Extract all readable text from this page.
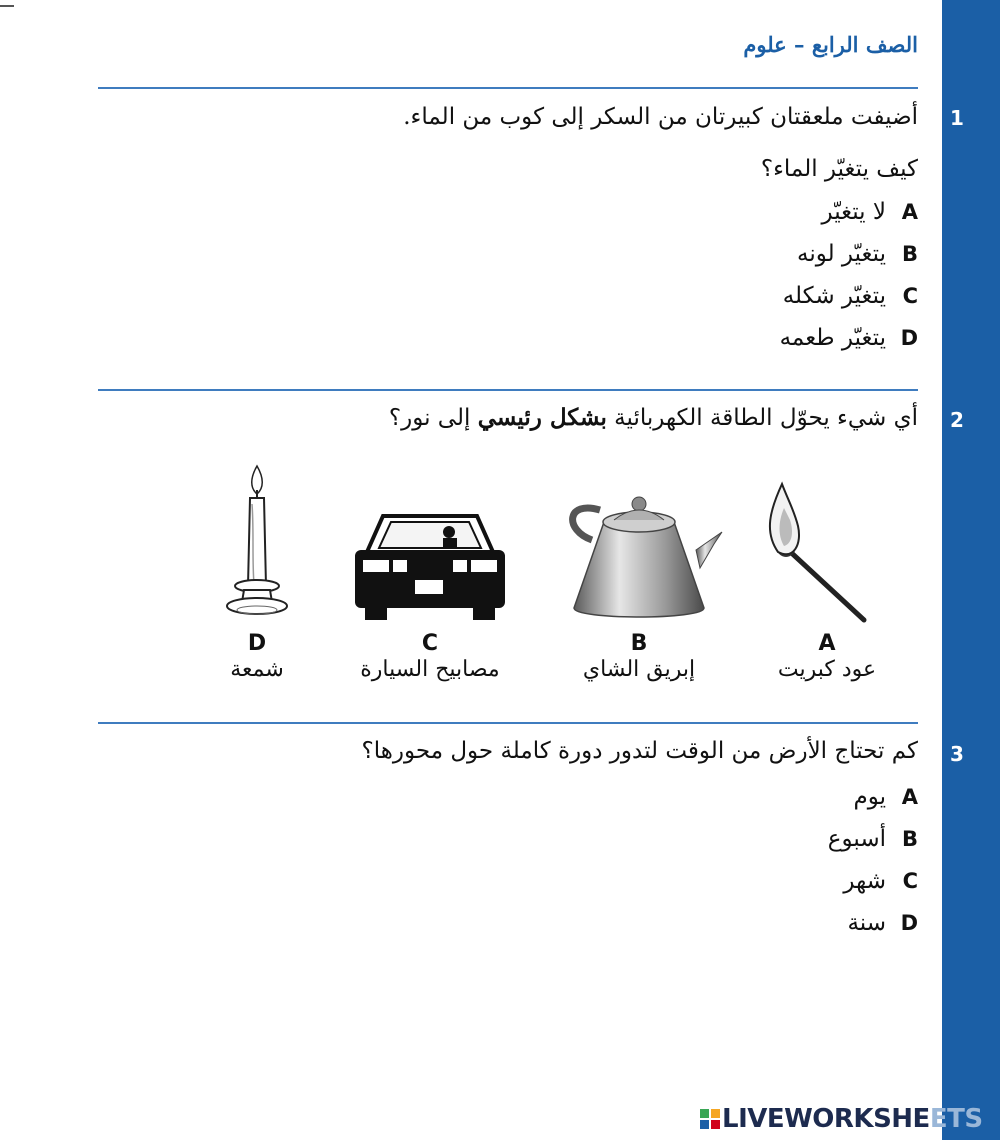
الصف الرابع – علوم
1
أضيفت ملعقتان كبيرتان من السكر إلى كوب من الماء.
كيف يتغيّر الماء؟
Aلا يتغيّر
Bيتغيّر لونه
Cيتغيّر شكله
Dيتغيّر طعمه
2
أي شيء يحوّل الطاقة الكهربائية بشكل رئيسي إلى نور؟
A
عود كبريت
B
إبريق الشاي
C
مصابيح السيارة
D
شمعة
3
كم تحتاج الأرض من الوقت لتدور دورة كاملة حول محورها؟
Aيوم
Bأسبوع
Cشهر
Dسنة
LIVEWORKSHEETS
